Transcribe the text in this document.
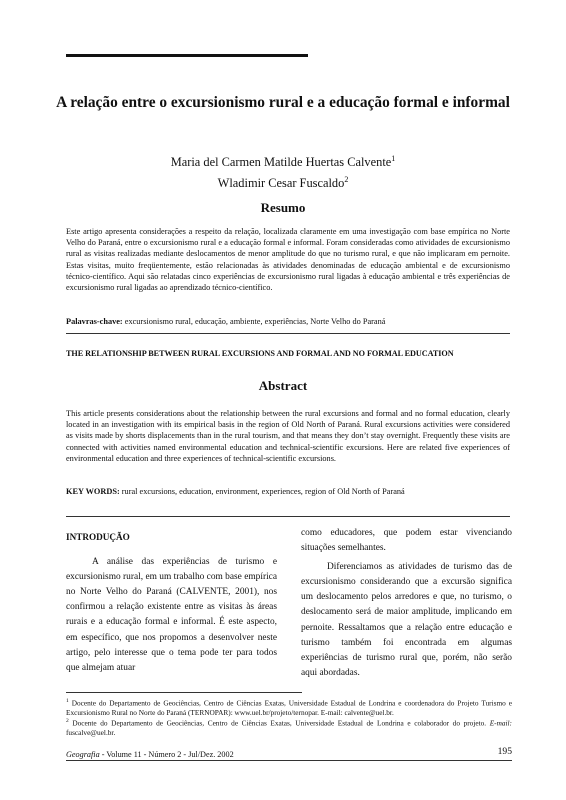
A relação entre o excursionismo rural e a educação formal e informal
Maria del Carmen Matilde Huertas Calvente$^1$
Wladimir Cesar Fuscaldo$^2$
Resumo
Este artigo apresenta considerações a respeito da relação, localizada claramente em uma investigação com base empírica no Norte Velho do Paraná, entre o excursionismo rural e a educação formal e informal. Foram consideradas como atividades de excursionismo rural as visitas realizadas mediante deslocamentos de menor amplitude do que no turismo rural, e que não implicaram em pernoite. Estas visitas, muito freqüentemente, estão relacionadas às atividades denominadas de educação ambiental e de excursionismo técnico-científico. Aqui são relatadas cinco experiências de excursionismo rural ligadas à educação ambiental e três experiências de excursionismo rural ligadas ao aprendizado técnico-científico.
Palavras-chave: excursionismo rural, educação, ambiente, experiências, Norte Velho do Paraná
THE RELATIONSHIP BETWEEN RURAL EXCURSIONS AND FORMAL AND NO FORMAL EDUCATION
Abstract
This article presents considerations about the relationship between the rural excursions and formal and no formal education, clearly located in an investigation with its empirical basis in the region of Old North of Paraná. Rural excursions activities were considered as visits made by shorts displacements than in the rural tourism, and that means they don’t stay overnight. Frequently these visits are connected with activities named environmental education and technical-scientific excursions. Here are related five experiences of environmental education and three experiences of technical-scientific excursions.
KEY WORDS: rural excursions, education, environment, experiences, region of Old North of Paraná
INTRODUÇÃO

A análise das experiências de turismo e excursionismo rural, em um trabalho com base empírica no Norte Velho do Paraná (CALVENTE, 2001), nos confirmou a relação existente entre as visitas às áreas rurais e a educação formal e informal. É este aspecto, em específico, que nos propomos a desenvolver neste artigo, pelo interesse que o tema pode ter para todos que almejam atuar

como educadores, que podem estar vivenciando situações semelhantes.

Diferenciamos as atividades de turismo das de excursionismo considerando que a excursão significa um deslocamento pelos arredores e que, no turismo, o deslocamento será de maior amplitude, implicando em pernoite. Ressaltamos que a relação entre educação e turismo também foi encontrada em algumas experiências de turismo rural que, porém, não serão aqui abordadas.

$^1$ Docente do Departamento de Geociências, Centro de Ciências Exatas, Universidade Estadual de Londrina e coordenadora do Projeto Turismo e Excursionismo Rural no Norte do Paraná (TERNOPAR): www.uel.br/projeto/ternopar. E-mail: calvente@uel.br.
$^2$ Docente do Departamento de Geociências, Centro de Ciências Exatas, Universidade Estadual de Londrina e colaborador do projeto. E-mail: fuscalve@uel.br.
Geografia - Volume 11 - Número 2 - Jul/Dez. 2002	195
